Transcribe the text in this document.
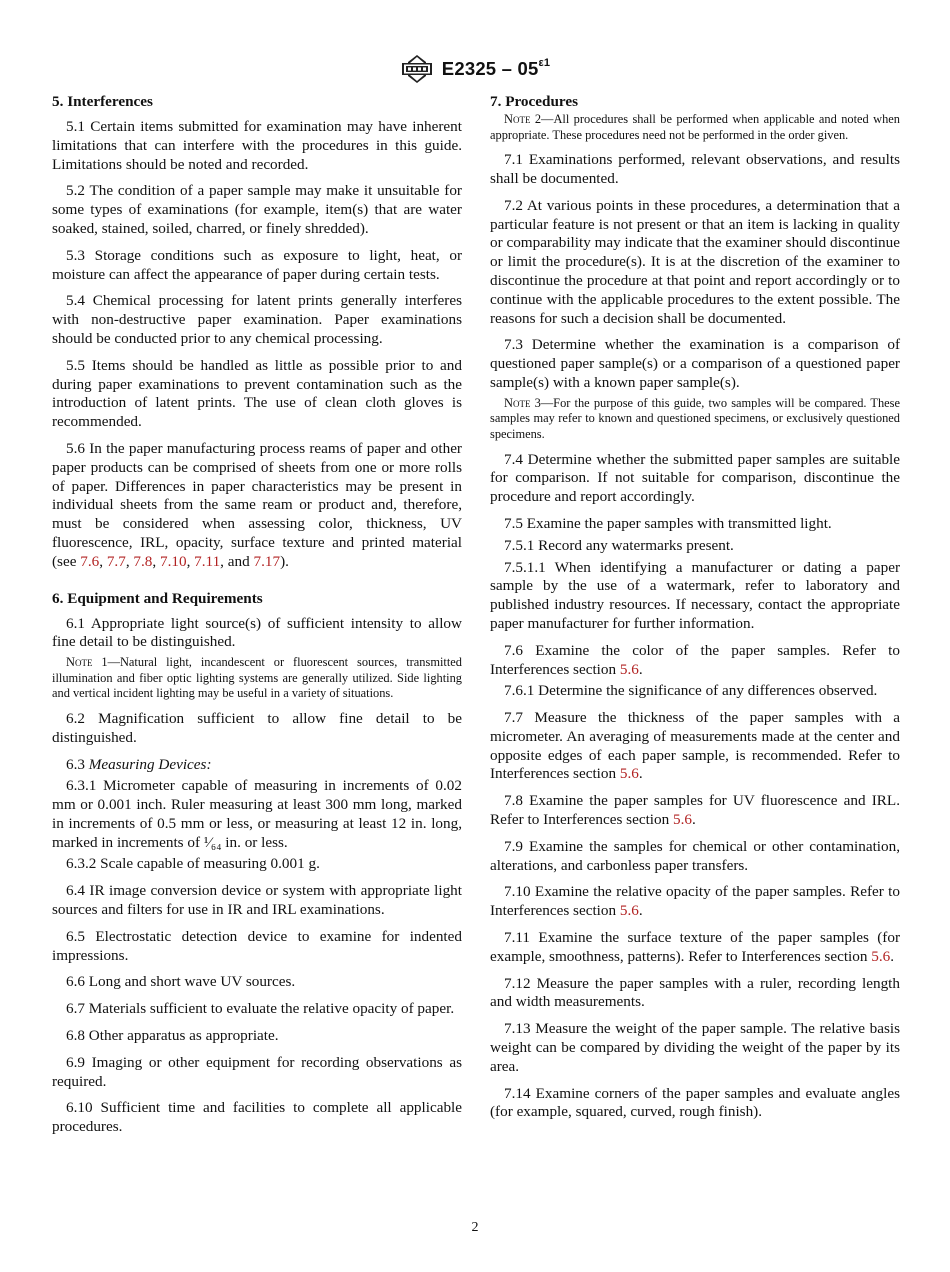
$E2325 - 05^{\varepsilon 1}$
5. Interferences

5.1 Certain items submitted for examination may have inherent limitations that can interfere with the procedures in this guide. Limitations should be noted and recorded.

5.2 The condition of a paper sample may make it unsuitable for some types of examinations (for example, item(s) that are water soaked, stained, soiled, charred, or finely shredded).

5.3 Storage conditions such as exposure to light, heat, or moisture can affect the appearance of paper during certain tests.

5.4 Chemical processing for latent prints generally interferes with non-destructive paper examination. Paper examinations should be conducted prior to any chemical processing.

5.5 Items should be handled as little as possible prior to and during paper examinations to prevent contamination such as the introduction of latent prints. The use of clean cloth gloves is recommended.

5.6 In the paper manufacturing process reams of paper and other paper products can be comprised of sheets from one or more rolls of paper. Differences in paper characteristics may be present in individual sheets from the same ream or product and, therefore, must be considered when assessing color, thickness, UV fluorescence, IRL, opacity, surface texture and printed material (see 7.6, 7.7, 7.8, 7.10, 7.11, and 7.17).

6. Equipment and Requirements

6.1 Appropriate light source(s) of sufficient intensity to allow fine detail to be distinguished.

Note 1—Natural light, incandescent or fluorescent sources, transmitted illumination and fiber optic lighting systems are generally utilized. Side lighting and vertical incident lighting may be useful in a variety of situations.

6.2 Magnification sufficient to allow fine detail to be distinguished.

6.3 Measuring Devices:

6.3.1 Micrometer capable of measuring in increments of 0.02 mm or 0.001 inch. Ruler measuring at least 300 mm long, marked in increments of 0.5 mm or less, or measuring at least 12 in. long, marked in increments of ¹⁄₆₄ in. or less.

6.3.2 Scale capable of measuring 0.001 g.

6.4 IR image conversion device or system with appropriate light sources and filters for use in IR and IRL examinations.

6.5 Electrostatic detection device to examine for indented impressions.

6.6 Long and short wave UV sources.

6.7 Materials sufficient to evaluate the relative opacity of paper.

6.8 Other apparatus as appropriate.

6.9 Imaging or other equipment for recording observations as required.

6.10 Sufficient time and facilities to complete all applicable procedures.

7. Procedures
Note 2—All procedures shall be performed when applicable and noted when appropriate. These procedures need not be performed in the order given.

7.1 Examinations performed, relevant observations, and results shall be documented.

7.2 At various points in these procedures, a determination that a particular feature is not present or that an item is lacking in quality or comparability may indicate that the examiner should discontinue or limit the procedure(s). It is at the discretion of the examiner to discontinue the procedure at that point and report accordingly or to continue with the applicable procedures to the extent possible. The reasons for such a decision shall be documented.

7.3 Determine whether the examination is a comparison of questioned paper sample(s) or a comparison of a questioned paper sample(s) with a known paper sample(s).

Note 3—For the purpose of this guide, two samples will be compared. These samples may refer to known and questioned specimens, or exclusively questioned specimens.

7.4 Determine whether the submitted paper samples are suitable for comparison. If not suitable for comparison, discontinue the procedure and report accordingly.

7.5 Examine the paper samples with transmitted light.

7.5.1 Record any watermarks present.

7.5.1.1 When identifying a manufacturer or dating a paper sample by the use of a watermark, refer to laboratory and published industry resources. If necessary, contact the appropriate paper manufacturer for further information.

7.6 Examine the color of the paper samples. Refer to Interferences section 5.6.

7.6.1 Determine the significance of any differences observed.

7.7 Measure the thickness of the paper samples with a micrometer. An averaging of measurements made at the center and opposite edges of each paper sample, is recommended. Refer to Interferences section 5.6.

7.8 Examine the paper samples for UV fluorescence and IRL. Refer to Interferences section 5.6.

7.9 Examine the samples for chemical or other contamination, alterations, and carbonless paper transfers.

7.10 Examine the relative opacity of the paper samples. Refer to Interferences section 5.6.

7.11 Examine the surface texture of the paper samples (for example, smoothness, patterns). Refer to Interferences section 5.6.

7.12 Measure the paper samples with a ruler, recording length and width measurements.

7.13 Measure the weight of the paper sample. The relative basis weight can be compared by dividing the weight of the paper by its area.

7.14 Examine corners of the paper samples and evaluate angles (for example, squared, curved, rough finish).

2
